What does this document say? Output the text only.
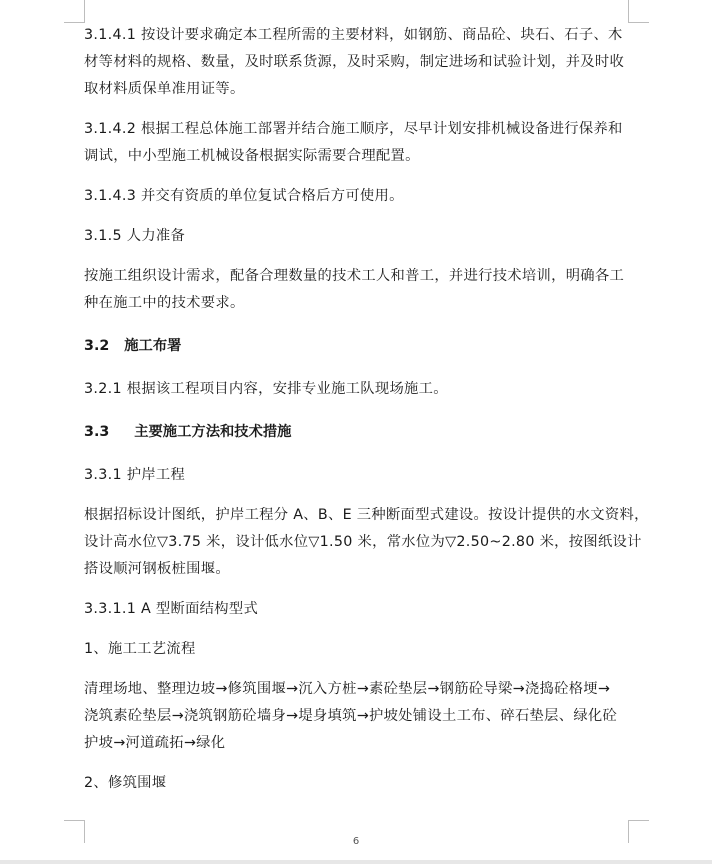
3.1.4.1 按设计要求确定本工程所需的主要材料，如钢筋、商品砼、块石、石子、木

材等材料的规格、数量，及时联系货源，及时采购，制定进场和试验计划，并及时收

取材料质保单准用证等。

3.1.4.2 根据工程总体施工部署并结合施工顺序，尽早计划安排机械设备进行保养和

调试，中小型施工机械设备根据实际需要合理配置。

3.1.4.3 并交有资质的单位复试合格后方可使用。

3.1.5 人力准备

按施工组织设计需求，配备合理数量的技术工人和普工，并进行技术培训，明确各工

种在施工中的技术要求。

3.2 施工布署

3.2.1 根据该工程项目内容，安排专业施工队现场施工。

3.3 主要施工方法和技术措施

3.3.1 护岸工程

根据招标设计图纸，护岸工程分 A、B、E 三种断面型式建设。按设计提供的水文资料，

设计高水位▽3.75 米，设计低水位▽1.50 米，常水位为▽2.50~2.80 米，按图纸设计

搭设顺河钢板桩围堰。

3.3.1.1 A 型断面结构型式

1、施工工艺流程

清理场地、整理边坡→修筑围堰→沉入方桩→素砼垫层→钢筋砼导梁→浇捣砼格埂→

浇筑素砼垫层→浇筑钢筋砼墙身→堤身填筑→护坡处铺设土工布、碎石垫层、绿化砼

护坡→河道疏拓→绿化

2、修筑围堰

6
